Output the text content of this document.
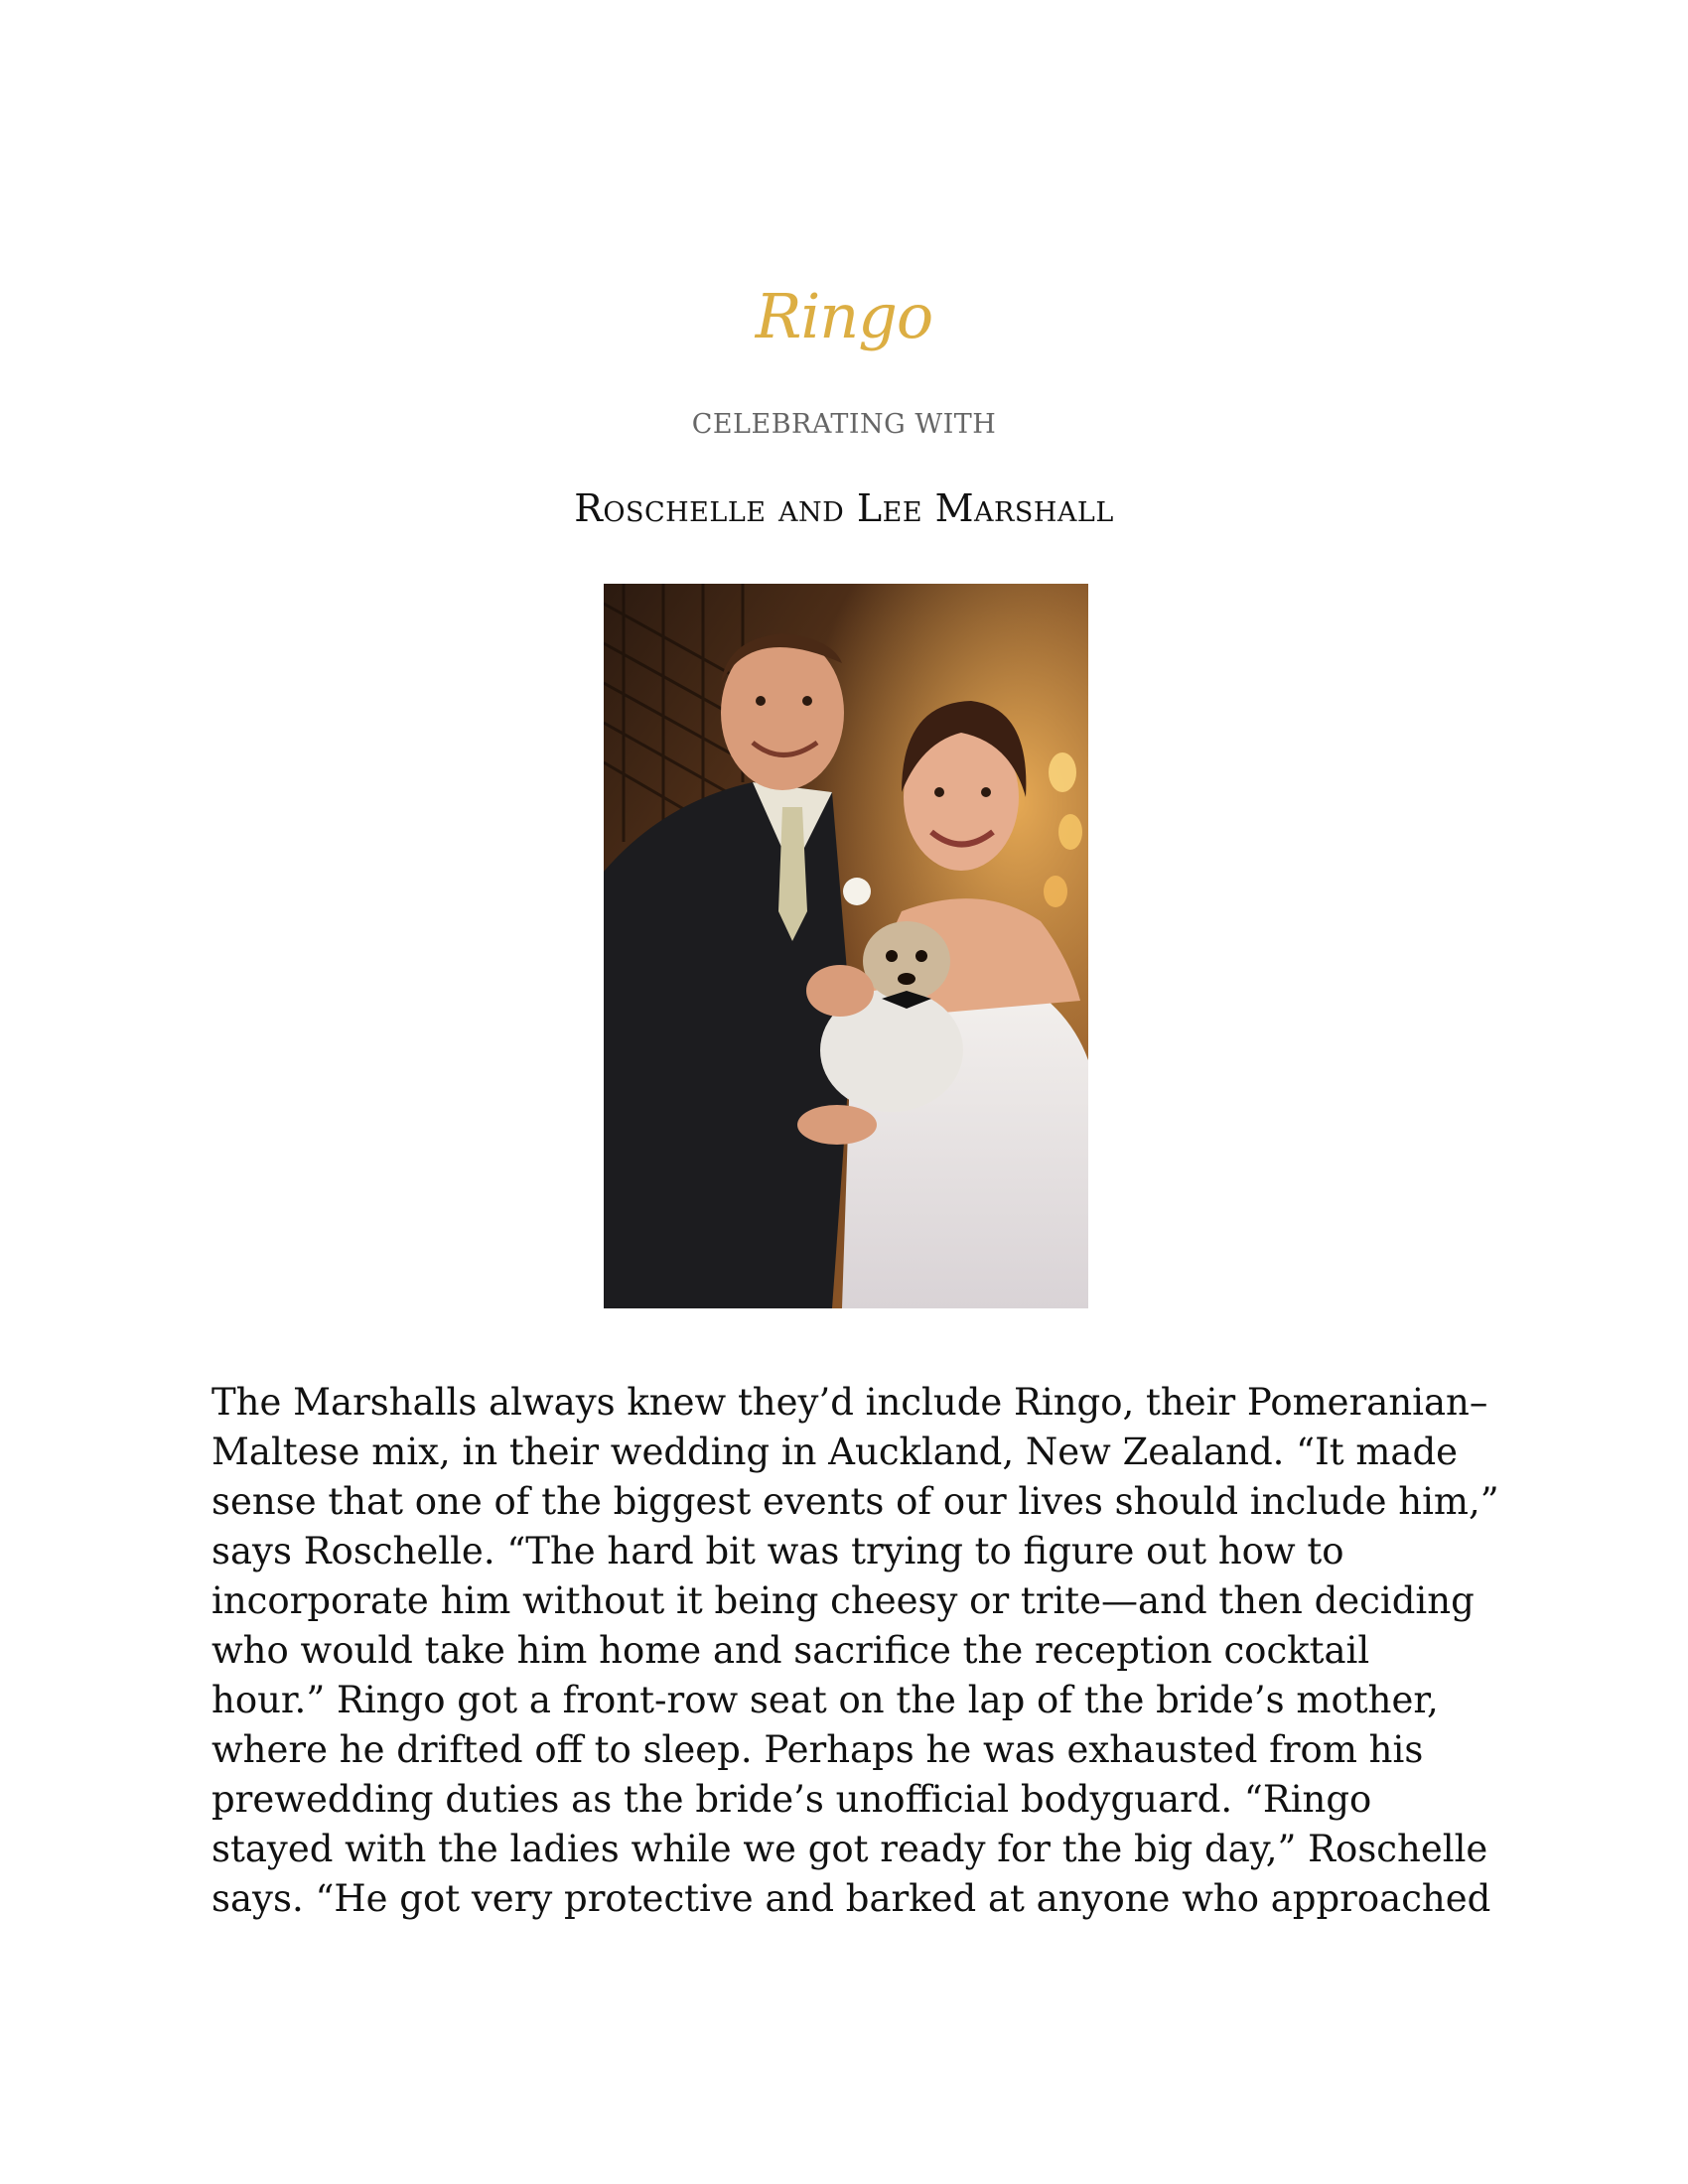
Ringo
CELEBRATING WITH
Roschelle and Lee Marshall
The Marshalls always knew they’d include Ringo, their Pomeranian–
Maltese mix, in their wedding in Auckland, New Zealand. “It made
sense that one of the biggest events of our lives should include him,”
says Roschelle. “The hard bit was trying to figure out how to
incorporate him without it being cheesy or trite—and then deciding
who would take him home and sacrifice the reception cocktail
hour.” Ringo got a front-row seat on the lap of the bride’s mother,
where he drifted off to sleep. Perhaps he was exhausted from his
prewedding duties as the bride’s unofficial bodyguard. “Ringo
stayed with the ladies while we got ready for the big day,” Roschelle
says. “He got very protective and barked at anyone who approached
